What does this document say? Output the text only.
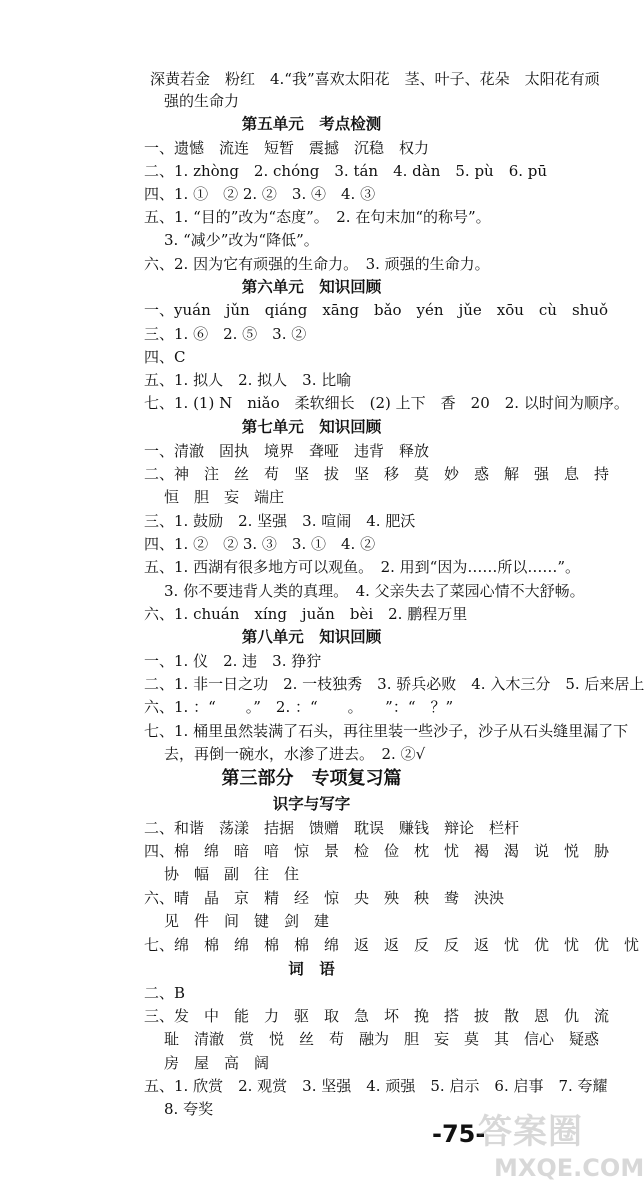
深黄若金　粉红　4.“我”喜欢太阳花　茎、叶子、花朵　太阳花有顽
强的生命力
第五单元　考点检测
一、遗憾　流连　短暂　震撼　沉稳　权力
二、1. zhòng　2. chóng　3. tán　4. dàn　5. pù　6. pū
四、1. ①　② 2. ②　3. ④　4. ③
五、1. “目的”改为“态度”。　2. 在句末加“的称号”。
3. “减少”改为“降低”。
六、2. 因为它有顽强的生命力。　3. 顽强的生命力。
第六单元　知识回顾
一、yuán　jǔn　qiáng　xāng　bǎo　yén　jǔe　xōu　cù　shuǒ
三、1. ⑥　2. ⑤　3. ②
四、C
五、1. 拟人　2. 拟人　3. 比喻
七、1. (1) N　niǎo　柔软细长　(2) 上下　香　20　2. 以时间为顺序。
第七单元　知识回顾
一、清澈　固执　境界　聋哑　违背　释放
二、神　注　丝　苟　坚　拔　坚　移　莫　妙　惑　解　强　息　持
恒　胆　妄　端庄
三、1. 鼓励　2. 坚强　3. 喧闹　4. 肥沃
四、1. ②　② 3. ③　3. ①　4. ②
五、1. 西湖有很多地方可以观鱼。　2. 用到“因为……所以……”。
3. 你不要违背人类的真理。　4. 父亲失去了菜园心情不大舒畅。
六、1. chuán　xíng　juǎn　bèi　2. 鹏程万里
第八单元　知识回顾
一、1. 仪　2. 违　3. 狰狞
二、1. 非一日之功　2. 一枝独秀　3. 骄兵必败　4. 入木三分　5. 后来居上
六、1. ：“　　。”　2. ：“　　。　　”：“　？”
七、1. 桶里虽然装满了石头，再往里装一些沙子，沙子从石头缝里漏了下
去，再倒一碗水，水渗了进去。　2. ②√
第三部分　专项复习篇
识字与写字
二、和谐　荡漾　拮据　馈赠　耽误　赚钱　辩论　栏杆
四、棉　绵　暗　喑　惊　景　检　俭　枕　忧　褐　渴　说　悦　胁
协　幅　副　往　住
六、晴　晶　京　精　经　惊　央　殃　秧　鸯　泱泱
见　件　间　键　剑　建
七、绵　棉　绵　棉　棉　绵　返　返　反　反　返　忧　优　忧　优　忧
词　语
二、B
三、发　中　能　力　驱　取　急　坏　挽　搭　披　散　恩　仇　流
耻　清澈　赏　悦　丝　苟　融为　胆　妄　莫　其　信心　疑惑
房　屋　高　阔
五、1. 欣赏　2. 观赏　3. 坚强　4. 顽强　5. 启示　6. 启事　7. 夸耀
8. 夸奖
-75-
答案圈
MXQE.COM
